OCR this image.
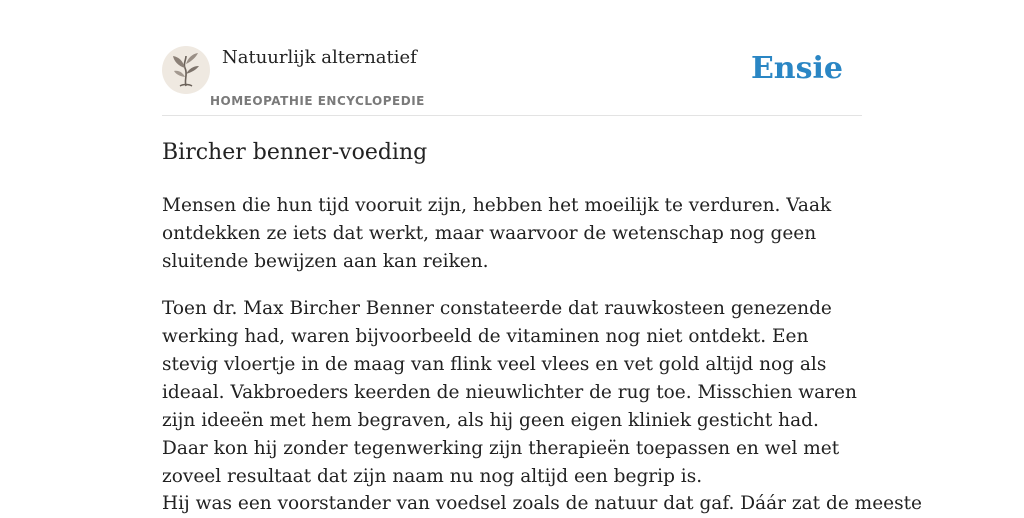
Natuurlijk alternatief
HOMEOPATHIE ENCYCLOPEDIE
Ensie
Bircher benner-voeding

Mensen die hun tijd vooruit zijn, hebben het moeilijk te verduren. Vaak ontdekken ze iets dat werkt, maar waarvoor de wetenschap nog geen sluitende bewijzen aan kan reiken.

Toen dr. Max Bircher Benner constateerde dat rauwkosteen genezende werking had, waren bijvoorbeeld de vitaminen nog niet ontdekt. Een stevig vloertje in de maag van flink veel vlees en vet gold altijd nog als ideaal. Vakbroeders keerden de nieuwlichter de rug toe. Misschien waren zijn ideeën met hem begraven, als hij geen eigen kliniek gesticht had. Daar kon hij zonder tegenwerking zijn therapieën toepassen en wel met zoveel resultaat dat zijn naam nu nog altijd een begrip is.

Hij was een voorstander van voedsel zoals de natuur dat gaf. Dáár zat de meeste
